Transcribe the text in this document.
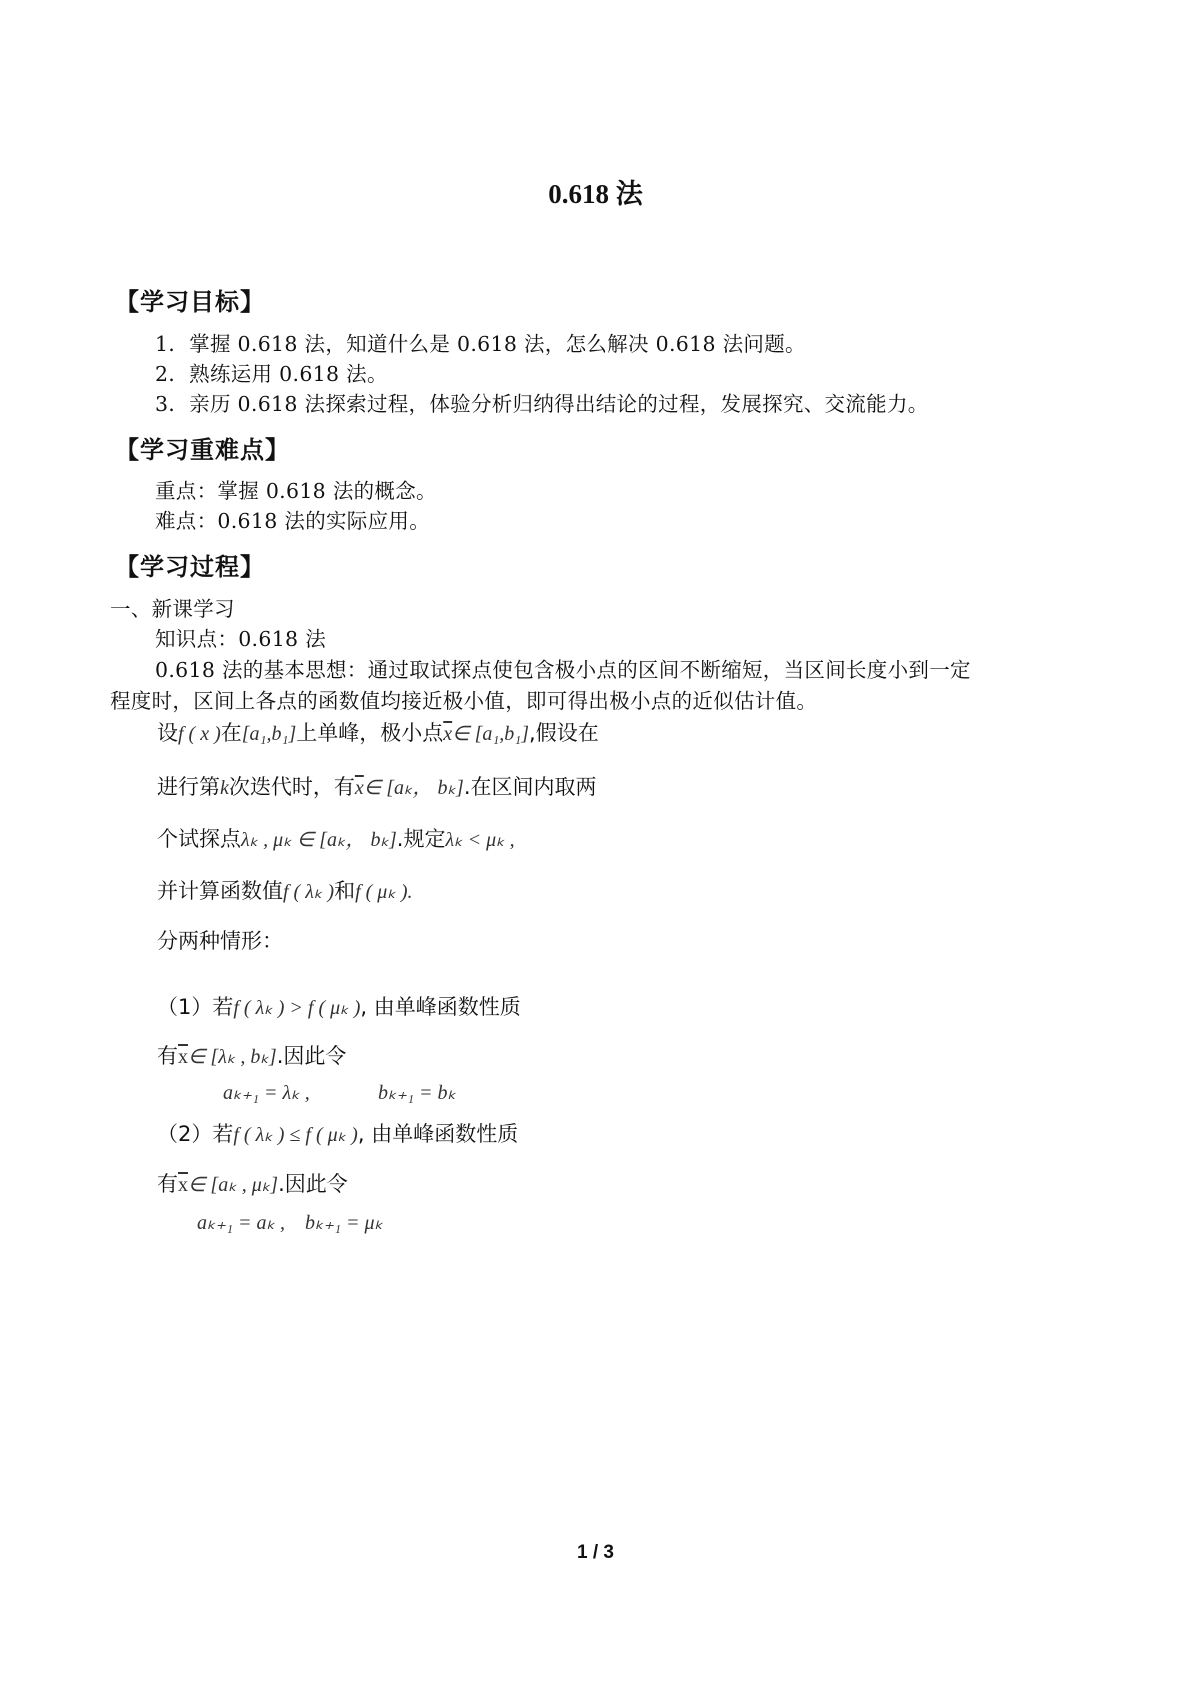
0.618 法
【学习目标】
1．掌握 0.618 法，知道什么是 0.618 法，怎么解决 0.618 法问题。
2．熟练运用 0.618 法。
3．亲历 0.618 法探索过程，体验分析归纳得出结论的过程，发展探究、交流能力。
【学习重难点】
重点：掌握 0.618 法的概念。
难点：0.618 法的实际应用。
【学习过程】
一、新课学习
知识点：0.618 法
0.618 法的基本思想：通过取试探点使包含极小点的区间不断缩短，当区间长度小到一定
程度时，区间上各点的函数值均接近极小值，即可得出极小点的近似估计值。
设f ( x )在[a₁,b₁]上单峰，极小点$\overline{x}\in$ [a₁,b₁],假设在
进行第k次迭代时，有$\overline{x}\in$ [aₖ， bₖ].在区间内取两
个试探点λₖ , μₖ ∈ [aₖ， bₖ].规定λₖ < μₖ ,
并计算函数值f ( λₖ )和f ( μₖ ).
分两种情形：
（1）若f ( λₖ ) > f ( μₖ ), 由单峰函数性质
有$\overline{x}\in$ [λₖ , bₖ].因此令
aₖ₊₁ = λₖ ,	bₖ₊₁ = bₖ
（2）若f ( λₖ ) ≤ f ( μₖ ), 由单峰函数性质
有$\overline{x}\in$ [aₖ , μₖ].因此令
aₖ₊₁ = aₖ , bₖ₊₁ = μₖ
1 / 3
